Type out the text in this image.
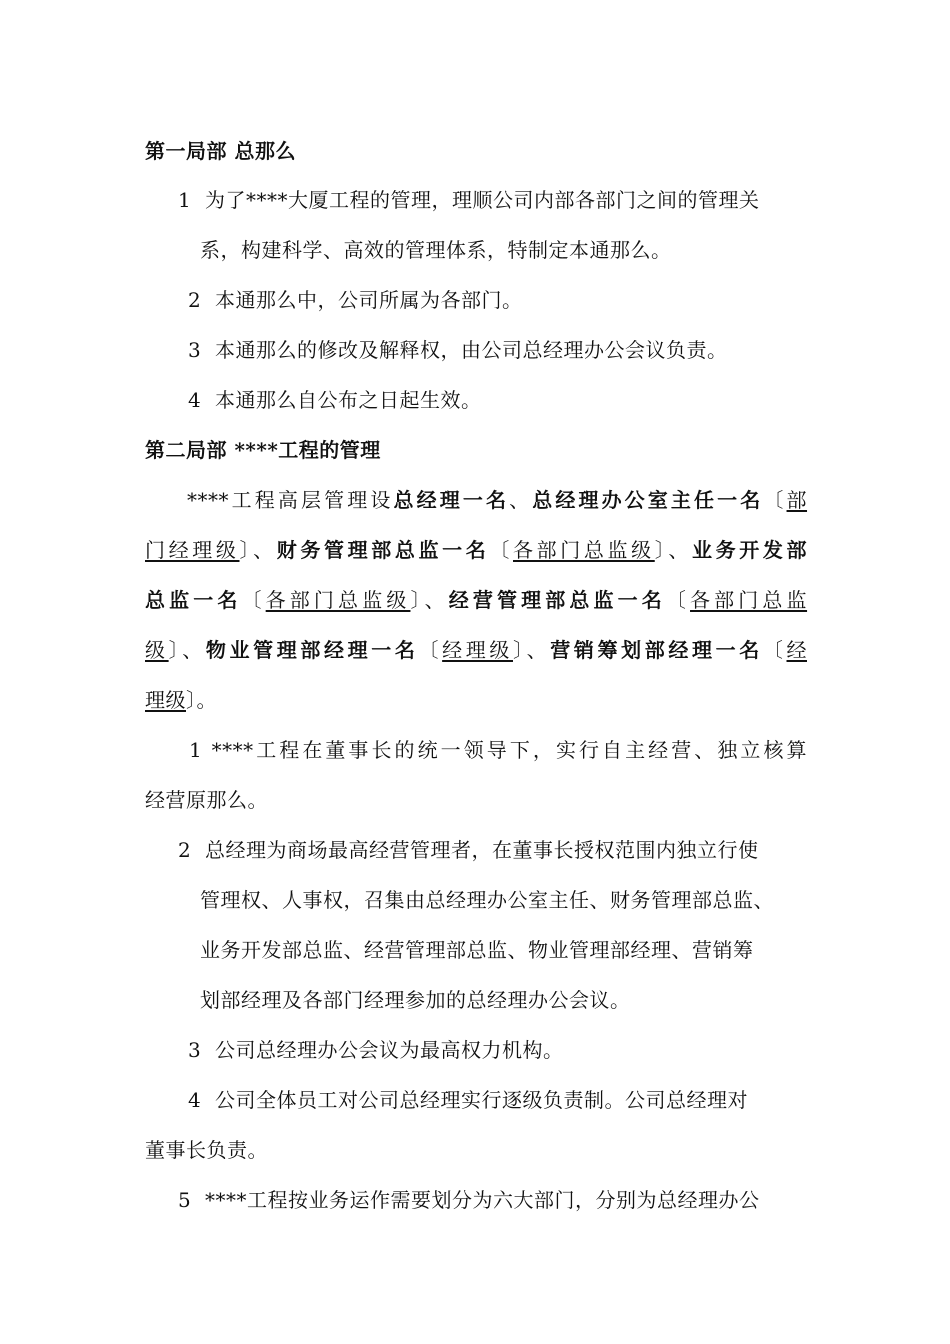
第一局部 总那么
1 为了****大厦工程的管理，理顺公司内部各部门之间的管理关
系，构建科学、高效的管理体系，特制定本通那么。
2 本通那么中，公司所属为各部门。
3 本通那么的修改及解释权，由公司总经理办公会议负责。
4 本通那么自公布之日起生效。
第二局部 ****工程的管理
****工程高层管理设总经理一名、总经理办公室主任一名〔部
门经理级〕、财务管理部总监一名〔各部门总监级〕、业务开发部
总监一名〔各部门总监级〕、经营管理部总监一名〔各部门总监
级〕、物业管理部经理一名〔经理级〕、营销筹划部经理一名〔经
理级〕。
1 ****工程在董事长的统一领导下，实行自主经营、独立核算
经营原那么。
2 总经理为商场最高经营管理者，在董事长授权范围内独立行使
管理权、人事权，召集由总经理办公室主任、财务管理部总监、
业务开发部总监、经营管理部总监、物业管理部经理、营销筹
划部经理及各部门经理参加的总经理办公会议。
3 公司总经理办公会议为最高权力机构。
4 公司全体员工对公司总经理实行逐级负责制。公司总经理对
董事长负责。
5 ****工程按业务运作需要划分为六大部门，分别为总经理办公
